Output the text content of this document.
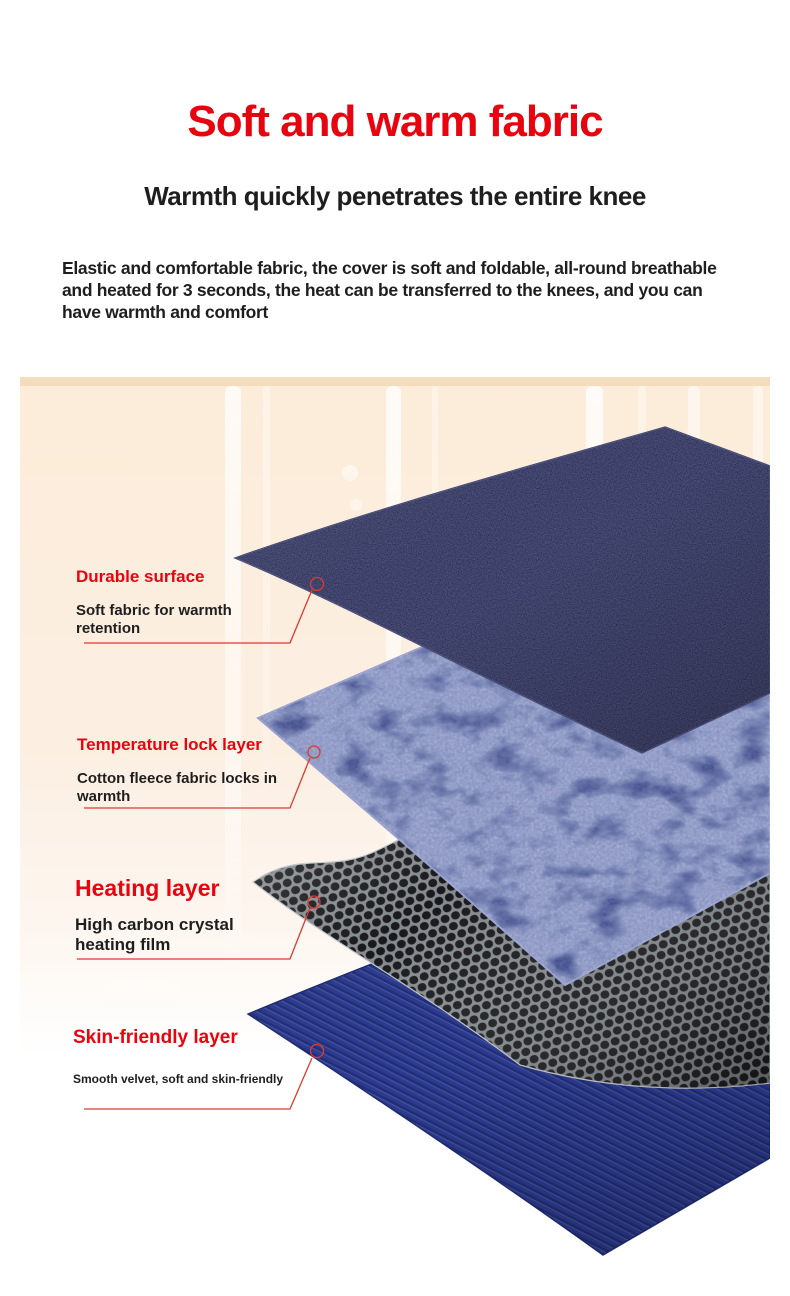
Soft and warm fabric
Warmth quickly penetrates the entire knee
Elastic and comfortable fabric, the cover is soft and foldable, all-round breathable and heated for 3 seconds, the heat can be transferred to the knees, and you can have warmth and comfort
Durable surface
Soft fabric for warmth retention
Temperature lock layer
Cotton fleece fabric locks in warmth
Heating layer
High carbon crystal heating film
Skin-friendly layer
Smooth velvet, soft and skin-friendly
